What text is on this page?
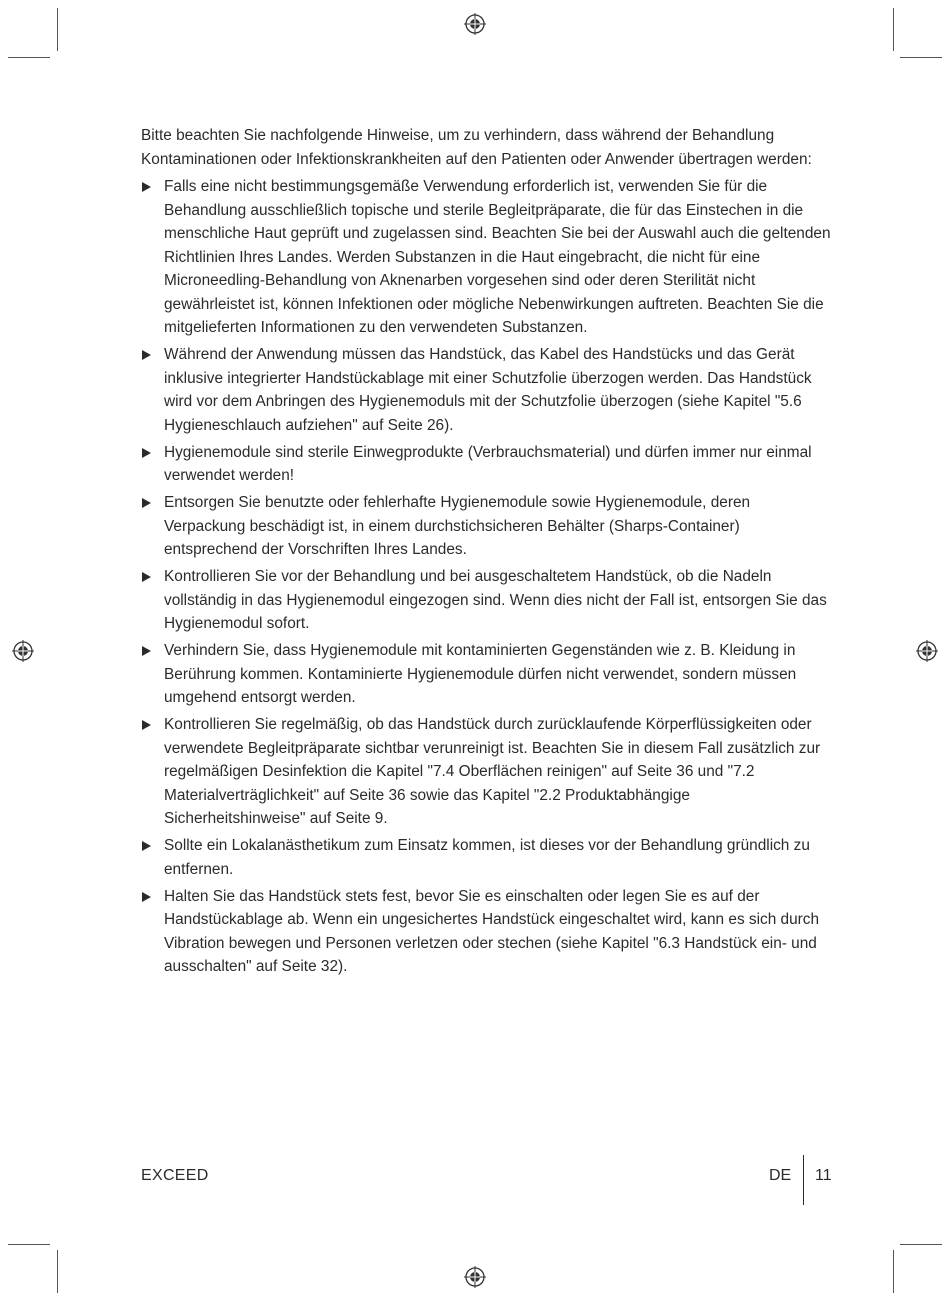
Bitte beachten Sie nachfolgende Hinweise, um zu verhindern, dass während der Behandlung Kontaminationen oder Infektionskrankheiten auf den Patienten oder Anwender übertragen werden:

Falls eine nicht bestimmungsgemäße Verwendung erforderlich ist, verwenden Sie für die Behandlung ausschließlich topische und sterile Begleitpräparate, die für das Einstechen in die menschliche Haut geprüft und zugelassen sind. Beachten Sie bei der Auswahl auch die geltenden Richtlinien Ihres Landes. Werden Substanzen in die Haut eingebracht, die nicht für eine Microneedling-Behandlung von Aknenarben vorgesehen sind oder deren Sterilität nicht gewährleistet ist, können Infektionen oder mögliche Nebenwirkungen auftreten. Beachten Sie die mitgelieferten Informationen zu den verwendeten Substanzen.
Während der Anwendung müssen das Handstück, das Kabel des Handstücks und das Gerät inklusive integrierter Handstückablage mit einer Schutzfolie überzogen werden. Das Handstück wird vor dem Anbringen des Hygienemoduls mit der Schutzfolie überzogen (siehe Kapitel "5.6 Hygieneschlauch aufziehen" auf Seite 26).
Hygienemodule sind sterile Einwegprodukte (Verbrauchsmaterial) und dürfen immer nur einmal verwendet werden!
Entsorgen Sie benutzte oder fehlerhafte Hygienemodule sowie Hygienemodule, deren Verpackung beschädigt ist, in einem durchstichsicheren Behälter (Sharps-Container) entsprechend der Vorschriften Ihres Landes.
Kontrollieren Sie vor der Behandlung und bei ausgeschaltetem Handstück, ob die Nadeln vollständig in das Hygienemodul eingezogen sind. Wenn dies nicht der Fall ist, entsorgen Sie das Hygienemodul sofort.
Verhindern Sie, dass Hygienemodule mit kontaminierten Gegenständen wie z. B. Kleidung in Berührung kommen. Kontaminierte Hygienemodule dürfen nicht verwendet, sondern müssen umgehend entsorgt werden.
Kontrollieren Sie regelmäßig, ob das Handstück durch zurücklaufende Körperflüssigkeiten oder verwendete Begleitpräparate sichtbar verunreinigt ist. Beachten Sie in diesem Fall zusätzlich zur regelmäßigen Desinfektion die Kapitel "7.4 Oberflächen reinigen" auf Seite 36 und "7.2 Materialverträglichkeit" auf Seite 36 sowie das Kapitel "2.2 Produktabhängige Sicherheitshinweise" auf Seite 9.
Sollte ein Lokalanästhetikum zum Einsatz kommen, ist dieses vor der Behandlung gründlich zu entfernen.
Halten Sie das Handstück stets fest, bevor Sie es einschalten oder legen Sie es auf der Handstückablage ab. Wenn ein ungesichertes Handstück eingeschaltet wird, kann es sich durch Vibration bewegen und Personen verletzen oder stechen (siehe Kapitel "6.3 Handstück ein- und ausschalten" auf Seite 32).
EXCEED	DE 11
